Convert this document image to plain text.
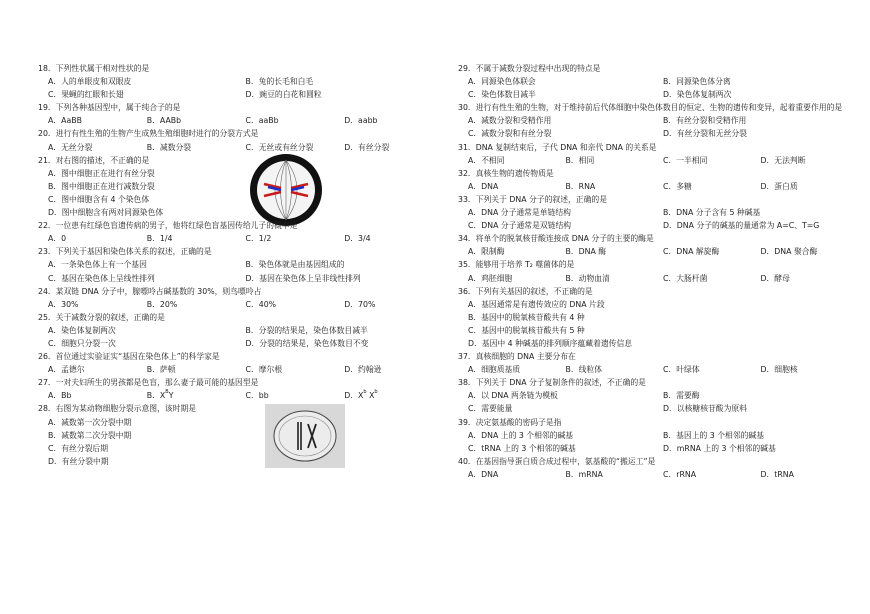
18．下列性状属于相对性状的是
A．人的单眼皮和双眼皮	B．兔的长毛和白毛
C．果蝇的红眼和长翅	D．豌豆的白花和圆粒
19．下列各种基因型中，属于纯合子的是
A．AaBB	B．AABb	C．aaBb	D．aabb
20．进行有性生殖的生物产生成熟生殖细胞时进行的分裂方式是
A．无丝分裂	B．减数分裂	C．无丝或有丝分裂	D．有丝分裂
21．对右图的描述，不正确的是
A．图中细胞正在进行有丝分裂
B．图中细胞正在进行减数分裂
C．图中细胞含有 4 个染色体
D．图中细胞含有两对同源染色体
22．一位患有红绿色盲遗传病的男子，他将红绿色盲基因传给儿子的概率是
A．0	B．1/4	C．1/2	D．3/4
23．下列关于基因和染色体关系的叙述，正确的是
A．一条染色体上有一个基因	B．染色体就是由基因组成的
C．基因在染色体上呈线性排列	D．基因在染色体上呈非线性排列
24．某双链 DNA 分子中，腺嘌呤占碱基数的 30%，则鸟嘌呤占
A．30%	B．20%	C．40%	D．70%
25．关于减数分裂的叙述，正确的是
A．染色体复制两次	B．分裂的结果是，染色体数目减半
C．细胞只分裂一次	D．分裂的结果是，染色体数目不变
26．首位通过实验证实“基因在染色体上”的科学家是
A．孟德尔	B．萨顿	C．摩尔根	D．约翰逊
27．一对夫妇所生的男孩都是色盲，那么妻子最可能的基因型是
A．Bb	B．$X^BY$	C．bb	D．$X^b$ $X^b$
28．右图为某动物细胞分裂示意图，该时期是
A．减数第一次分裂中期
B．减数第二次分裂中期
C．有丝分裂后期
D．有丝分裂中期
29．不属于减数分裂过程中出现的特点是
A．同源染色体联会	B．同源染色体分离
C．染色体数目减半	D．染色体复制两次
30．进行有性生殖的生物，对于维持前后代体细胞中染色体数目的恒定、生物的遗传和变异，起着重要作用的是
A．减数分裂和受精作用	B．有丝分裂和受精作用
C．减数分裂和有丝分裂	D．有丝分裂和无丝分裂
31．DNA 复制结束后，子代 DNA 和亲代 DNA 的关系是
A．不相同	B．相同	C．一半相同	D．无法判断
32．真核生物的遗传物质是
A．DNA	B．RNA	C．多糖	D．蛋白质
33．下列关于 DNA 分子的叙述，正确的是
A．DNA 分子通常是单链结构	B．DNA 分子含有 5 种碱基
C．DNA 分子通常是双链结构	D．DNA 分子的碱基的量通常为 A=C、T=G
34．将单个的脱氧核苷酸连接成 DNA 分子的主要的酶是
A．限制酶	B．DNA 酶	C．DNA 解旋酶	D．DNA 聚合酶
35．能够用于培养 T₂ 噬菌体的是
A．鸡胚细胞	B．动物血清	C．大肠杆菌	D．酵母
36．下列有关基因的叙述，不正确的是
A．基因通常是有遗传效应的 DNA 片段
B．基因中的脱氧核苷酸共有 4 种
C．基因中的脱氧核苷酸共有 5 种
D．基因中 4 种碱基的排列顺序蕴藏着遗传信息
37．真核细胞的 DNA 主要分布在
A．细胞质基质	B．线粒体	C．叶绿体	D．细胞核
38．下列关于 DNA 分子复制条件的叙述，不正确的是
A．以 DNA 两条链为模板	B．需要酶
C．需要能量	D．以核糖核苷酸为原料
39．决定氨基酸的密码子是指
A．DNA 上的 3 个相邻的碱基	B．基因上的 3 个相邻的碱基
C．tRNA 上的 3 个相邻的碱基	D．mRNA 上的 3 个相邻的碱基
40．在基因指导蛋白质合成过程中，氨基酸的“搬运工”是
A．DNA	B．mRNA	C．rRNA	D．tRNA
